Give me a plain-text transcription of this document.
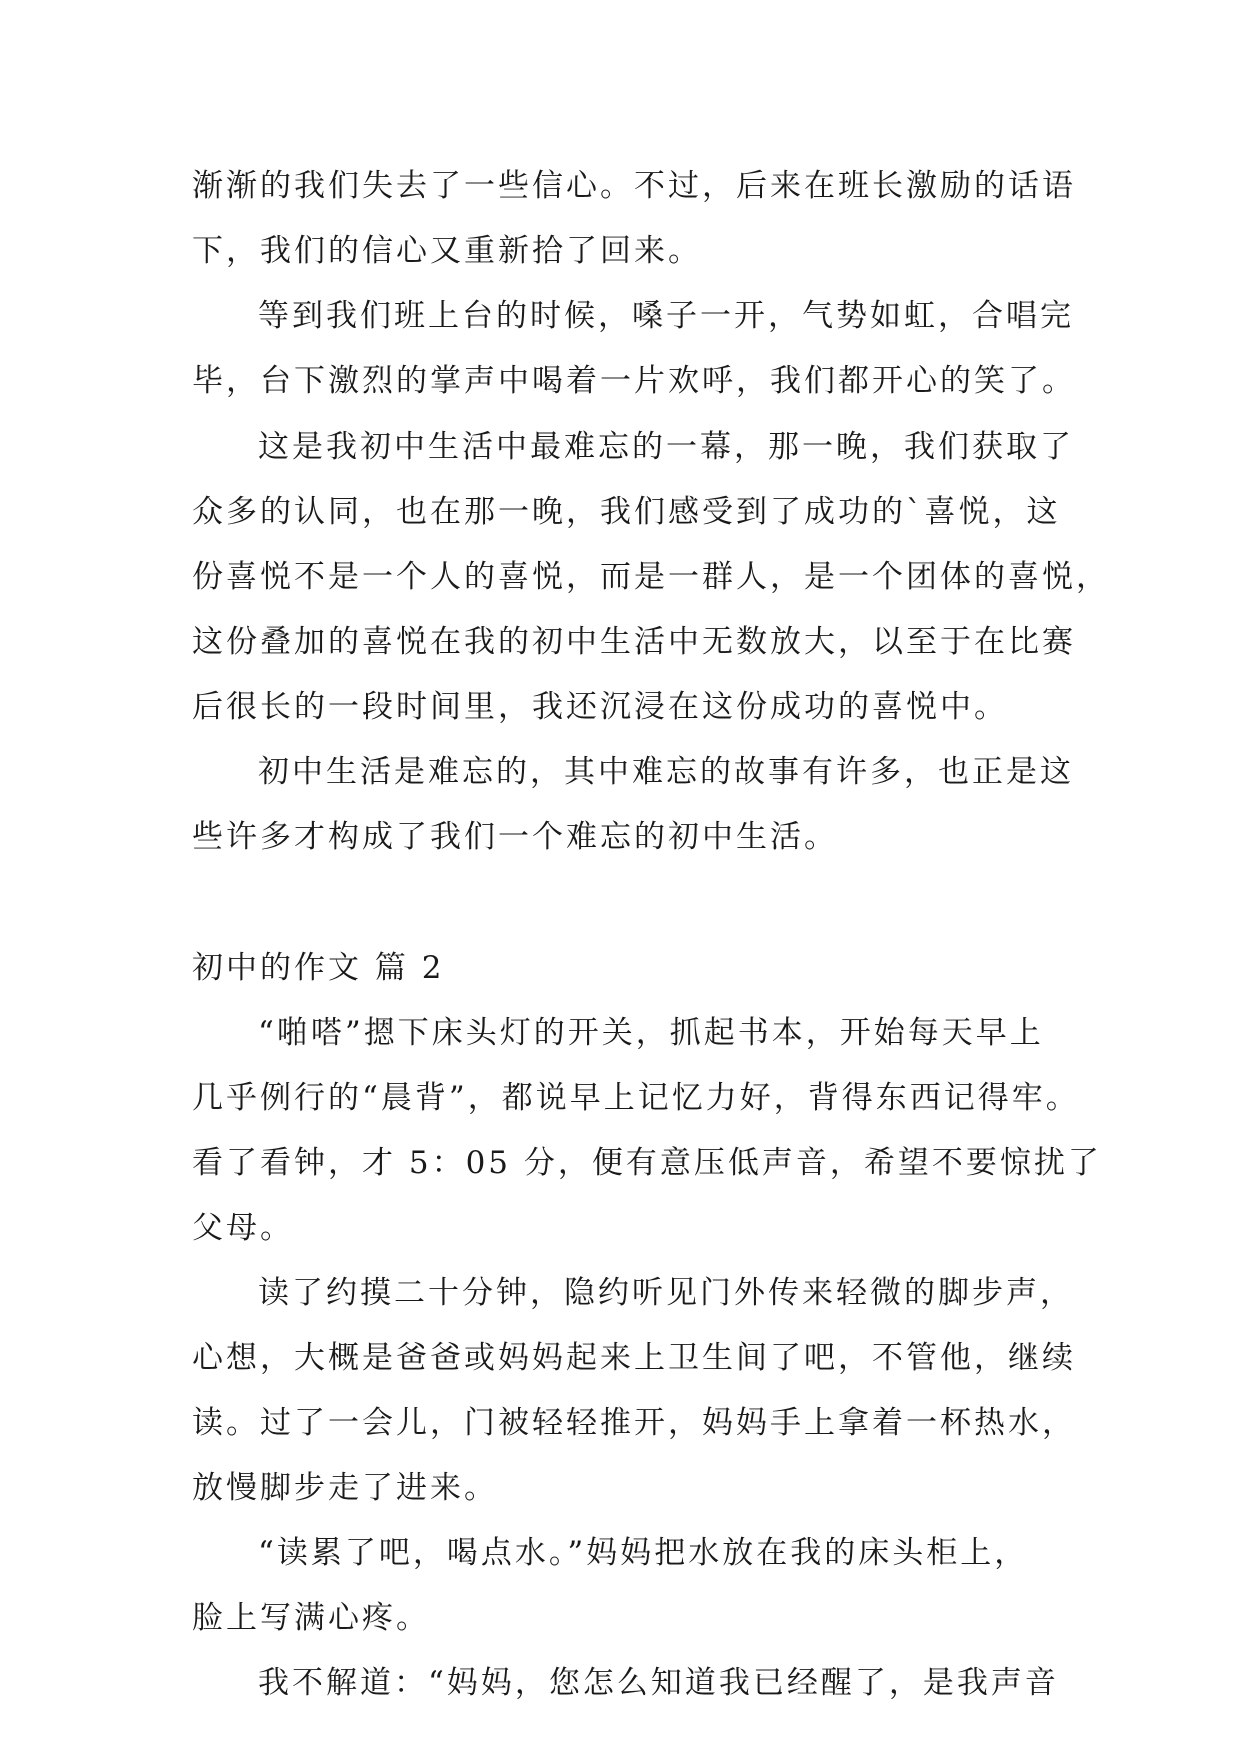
渐渐的我们失去了一些信心。不过，后来在班长激励的话语
下，我们的信心又重新拾了回来。
等到我们班上台的时候，嗓子一开，气势如虹，合唱完
毕，台下激烈的掌声中喝着一片欢呼，我们都开心的笑了。
这是我初中生活中最难忘的一幕，那一晚，我们获取了
众多的认同，也在那一晚，我们感受到了成功的`喜悦，这
份喜悦不是一个人的喜悦，而是一群人，是一个团体的喜悦，
这份叠加的喜悦在我的初中生活中无数放大，以至于在比赛
后很长的一段时间里，我还沉浸在这份成功的喜悦中。
初中生活是难忘的，其中难忘的故事有许多，也正是这
些许多才构成了我们一个难忘的初中生活。
初中的作文 篇 2
“啪嗒”摁下床头灯的开关，抓起书本，开始每天早上
几乎例行的“晨背”，都说早上记忆力好，背得东西记得牢。
看了看钟，才 5：05 分，便有意压低声音，希望不要惊扰了
父母。
读了约摸二十分钟，隐约听见门外传来轻微的脚步声，
心想，大概是爸爸或妈妈起来上卫生间了吧，不管他，继续
读。过了一会儿，门被轻轻推开，妈妈手上拿着一杯热水，
放慢脚步走了进来。
“读累了吧，喝点水。”妈妈把水放在我的床头柜上，
脸上写满心疼。
我不解道：“妈妈，您怎么知道我已经醒了，是我声音
